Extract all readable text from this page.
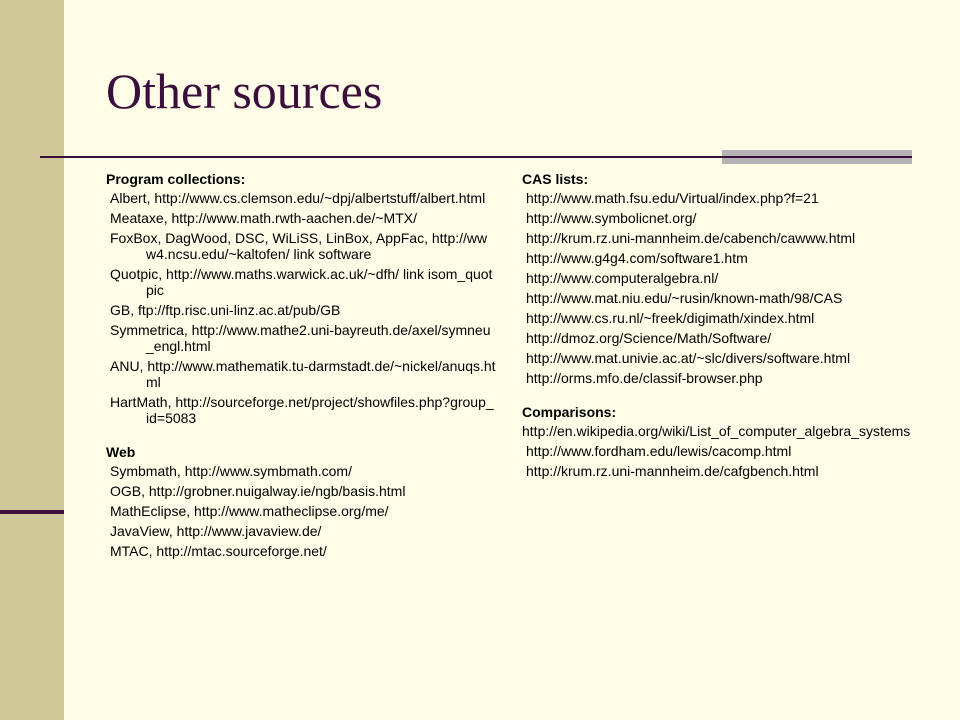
Other sources
Program collections:
Albert, http://www.cs.clemson.edu/~dpj/albertstuff/albert.html
Meataxe, http://www.math.rwth-aachen.de/~MTX/
FoxBox, DagWood, DSC, WiLiSS, LinBox, AppFac, http://www4.ncsu.edu/~kaltofen/ link software
Quotpic, http://www.maths.warwick.ac.uk/~dfh/ link isom_quotpic
GB, ftp://ftp.risc.uni-linz.ac.at/pub/GB
Symmetrica, http://www.mathe2.uni-bayreuth.de/axel/symneu_engl.html
ANU, http://www.mathematik.tu-darmstadt.de/~nickel/anuqs.html
HartMath, http://sourceforge.net/project/showfiles.php?group_id=5083
Web
Symbmath, http://www.symbmath.com/
OGB, http://grobner.nuigalway.ie/ngb/basis.html
MathEclipse, http://www.matheclipse.org/me/
JavaView, http://www.javaview.de/
MTAC, http://mtac.sourceforge.net/
CAS lists:
http://www.math.fsu.edu/Virtual/index.php?f=21
http://www.symbolicnet.org/
http://krum.rz.uni-mannheim.de/cabench/cawww.html
http://www.g4g4.com/software1.htm
http://www.computeralgebra.nl/
http://www.mat.niu.edu/~rusin/known-math/98/CAS
http://www.cs.ru.nl/~freek/digimath/xindex.html
http://dmoz.org/Science/Math/Software/
http://www.mat.univie.ac.at/~slc/divers/software.html
http://orms.mfo.de/classif-browser.php
Comparisons:
http://en.wikipedia.org/wiki/List_of_computer_algebra_systems
http://www.fordham.edu/lewis/cacomp.html
http://krum.rz.uni-mannheim.de/cafgbench.html
